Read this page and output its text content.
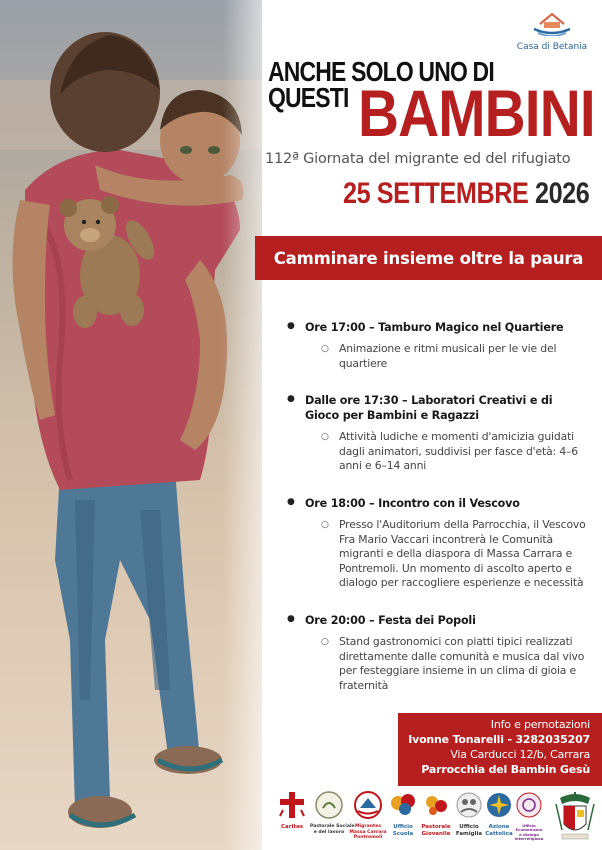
Casa di Betania
ANCHE SOLO UNO DI
QUESTI BAMBINI
112ª Giornata del migrante ed del rifugiato
25 SETTEMBRE 2026
Camminare insieme oltre la paura
● Ore 17:00 – Tamburo Magico nel Quartiere
○ Animazione e ritmi musicali per le vie del quartiere
● Dalle ore 17:30 – Laboratori Creativi e di Gioco per Bambini e Ragazzi
○ Attività ludiche e momenti d'amicizia guidati dagli animatori, suddivisi per fasce d'età: 4–6 anni e 6–14 anni
● Ore 18:00 – Incontro con il Vescovo
○ Presso l'Auditorium della Parrocchia, il Vescovo Fra Mario Vaccari incontrerà le Comunità migranti e della diaspora di Massa Carrara e Pontremoli. Un momento di ascolto aperto e dialogo per raccogliere esperienze e necessità
● Ore 20:00 – Festa dei Popoli
○ Stand gastronomici con piatti tipici realizzati direttamente dalle comunità e musica dal vivo per festeggiare insieme in un clima di gioia e fraternità
Info e pernotazioni
Ivonne Tonarelli - 3282035207
Via Carducci 12/b, Carrara
Parrocchia del Bambin Gesù
Caritas	Pastorale Sociale
e del lavoro
Migrantes
Massa Carrara
Pontremoli
Ufficio
Scuola
Pastorale
Giovanile
Ufficio
Famiglia
Azione
Cattolica
Ufficio
Ecumenismo
e dialogo
interreligioso
